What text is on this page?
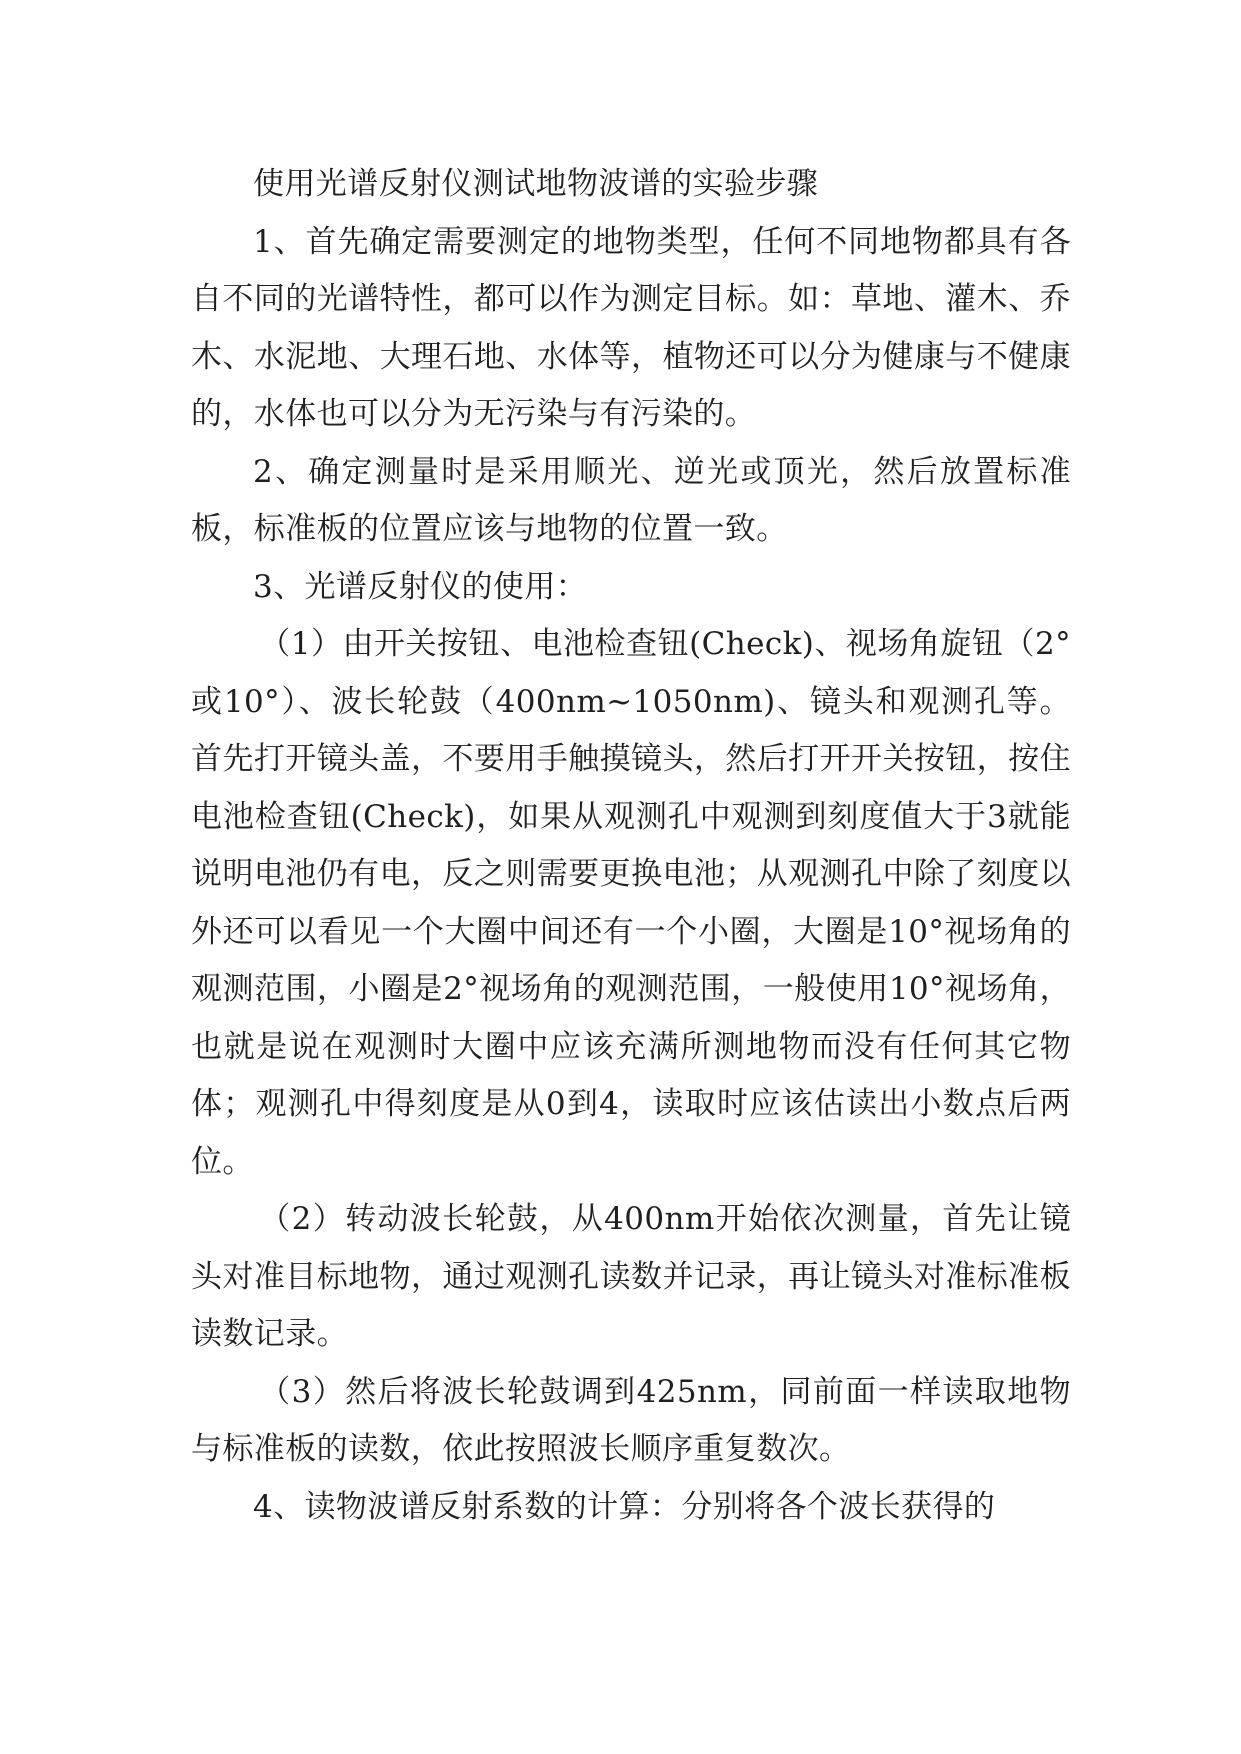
使用光谱反射仪测试地物波谱的实验步骤

1、首先确定需要测定的地物类型，任何不同地物都具有各自不同的光谱特性，都可以作为测定目标。如：草地、灌木、乔木、水泥地、大理石地、水体等，植物还可以分为健康与不健康的，水体也可以分为无污染与有污染的。

2、确定测量时是采用顺光、逆光或顶光，然后放置标准板，标准板的位置应该与地物的位置一致。

3、光谱反射仪的使用：

（1）由开关按钮、电池检查钮(Check)、视场角旋钮（2°或10°）、波长轮鼓（400nm~1050nm)、镜头和观测孔等。首先打开镜头盖，不要用手触摸镜头，然后打开开关按钮，按住电池检查钮(Check)，如果从观测孔中观测到刻度值大于3就能说明电池仍有电，反之则需要更换电池；从观测孔中除了刻度以外还可以看见一个大圈中间还有一个小圈，大圈是10°视场角的观测范围，小圈是2°视场角的观测范围，一般使用10°视场角，也就是说在观测时大圈中应该充满所测地物而没有任何其它物体；观测孔中得刻度是从0到4，读取时应该估读出小数点后两位。

（2）转动波长轮鼓，从400nm开始依次测量，首先让镜头对准目标地物，通过观测孔读数并记录，再让镜头对准标准板读数记录。

（3）然后将波长轮鼓调到425nm，同前面一样读取地物与标准板的读数，依此按照波长顺序重复数次。

4、读物波谱反射系数的计算：分别将各个波长获得的
